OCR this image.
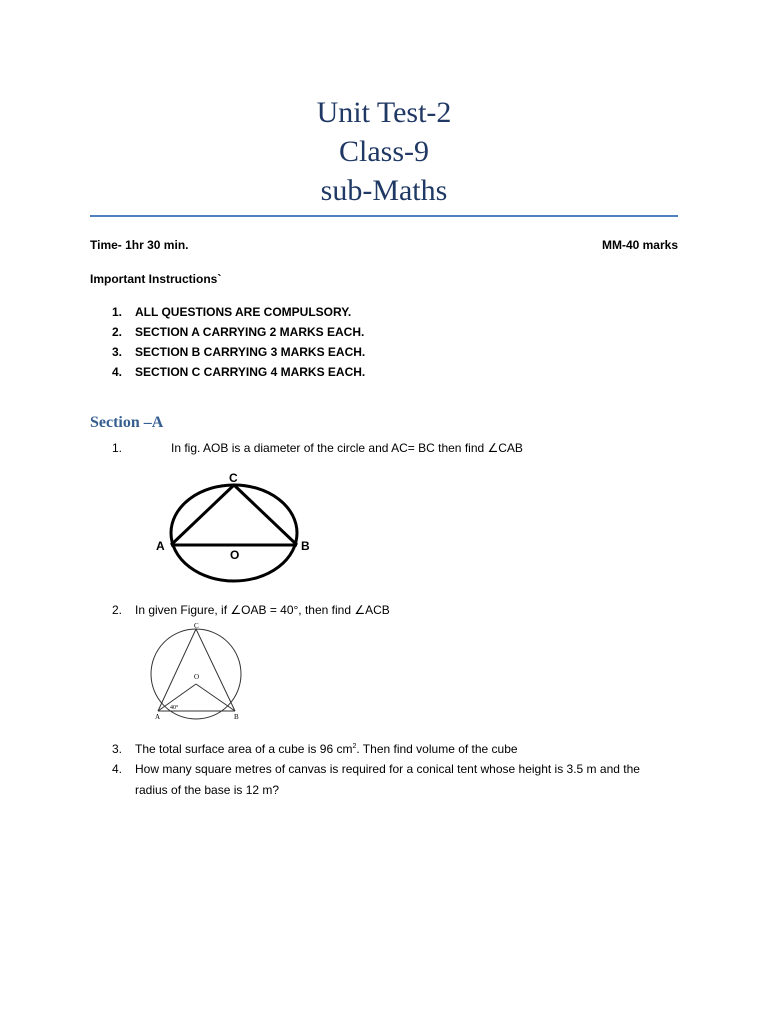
Unit Test-2
Class-9
sub-Maths
Time- 1hr 30 min.	MM-40 marks
Important Instructions`
1. ALL QUESTIONS ARE COMPULSORY.
2. SECTION A CARRYING 2 MARKS EACH.
3. SECTION B CARRYING 3 MARKS EACH.
4. SECTION C CARRYING 4 MARKS EACH.
Section –A
1.	In fig. AOB is a diameter of the circle and AC= BC then find ∠CAB
C
A	B
O
2. In given Figure, if ∠OAB = 40°, then find ∠ACB
C
O
A	B
40°
3. The total surface area of a cube is 96 $cm^2$. Then find volume of the cube
4. How many square metres of canvas is required for a conical tent whose height is 3.5 m and the radius of the base is 12 m?
